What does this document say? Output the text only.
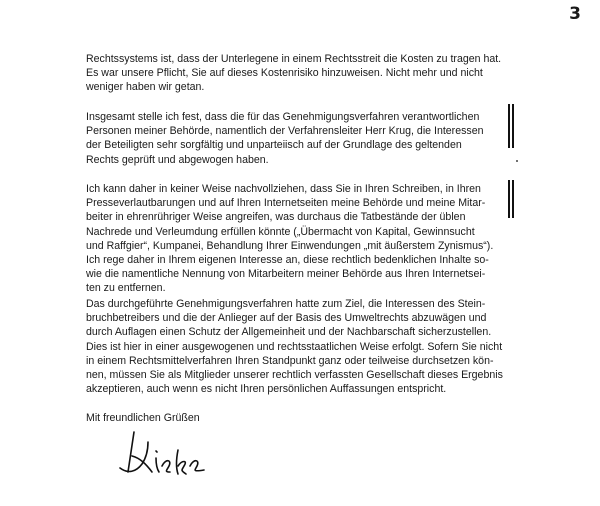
3

Rechtssystems ist, dass der Unterlegene in einem Rechtsstreit die Kosten zu tragen hat.
Es war unsere Pflicht, Sie auf dieses Kostenrisiko hinzuweisen. Nicht mehr und nicht
weniger haben wir getan.

Insgesamt stelle ich fest, dass die für das Genehmigungsverfahren verantwortlichen
Personen meiner Behörde, namentlich der Verfahrensleiter Herr Krug, die Interessen
der Beteiligten sehr sorgfältig und unparteiisch auf der Grundlage des geltenden
Rechts geprüft und abgewogen haben.

Ich kann daher in keiner Weise nachvollziehen, dass Sie in Ihren Schreiben, in Ihren
Presseverlautbarungen und auf Ihren Internetseiten meine Behörde und meine Mitar-
beiter in ehrenrühriger Weise angreifen, was durchaus die Tatbestände der üblen
Nachrede und Verleumdung erfüllen könnte („Übermacht von Kapital, Gewinnsucht
und Raffgier“, Kumpanei, Behandlung Ihrer Einwendungen „mit äußerstem Zynismus“).
Ich rege daher in Ihrem eigenen Interesse an, diese rechtlich bedenklichen Inhalte so-
wie die namentliche Nennung von Mitarbeitern meiner Behörde aus Ihren Internetsei-
ten zu entfernen.

Das durchgeführte Genehmigungsverfahren hatte zum Ziel, die Interessen des Stein-
bruchbetreibers und die der Anlieger auf der Basis des Umweltrechts abzuwägen und
durch Auflagen einen Schutz der Allgemeinheit und der Nachbarschaft sicherzustellen.
Dies ist hier in einer ausgewogenen und rechtsstaatlichen Weise erfolgt. Sofern Sie nicht
in einem Rechtsmittelverfahren Ihren Standpunkt ganz oder teilweise durchsetzen kön-
nen, müssen Sie als Mitglieder unserer rechtlich verfassten Gesellschaft dieses Ergebnis
akzeptieren, auch wenn es nicht Ihren persönlichen Auffassungen entspricht.

Mit freundlichen Grüßen
